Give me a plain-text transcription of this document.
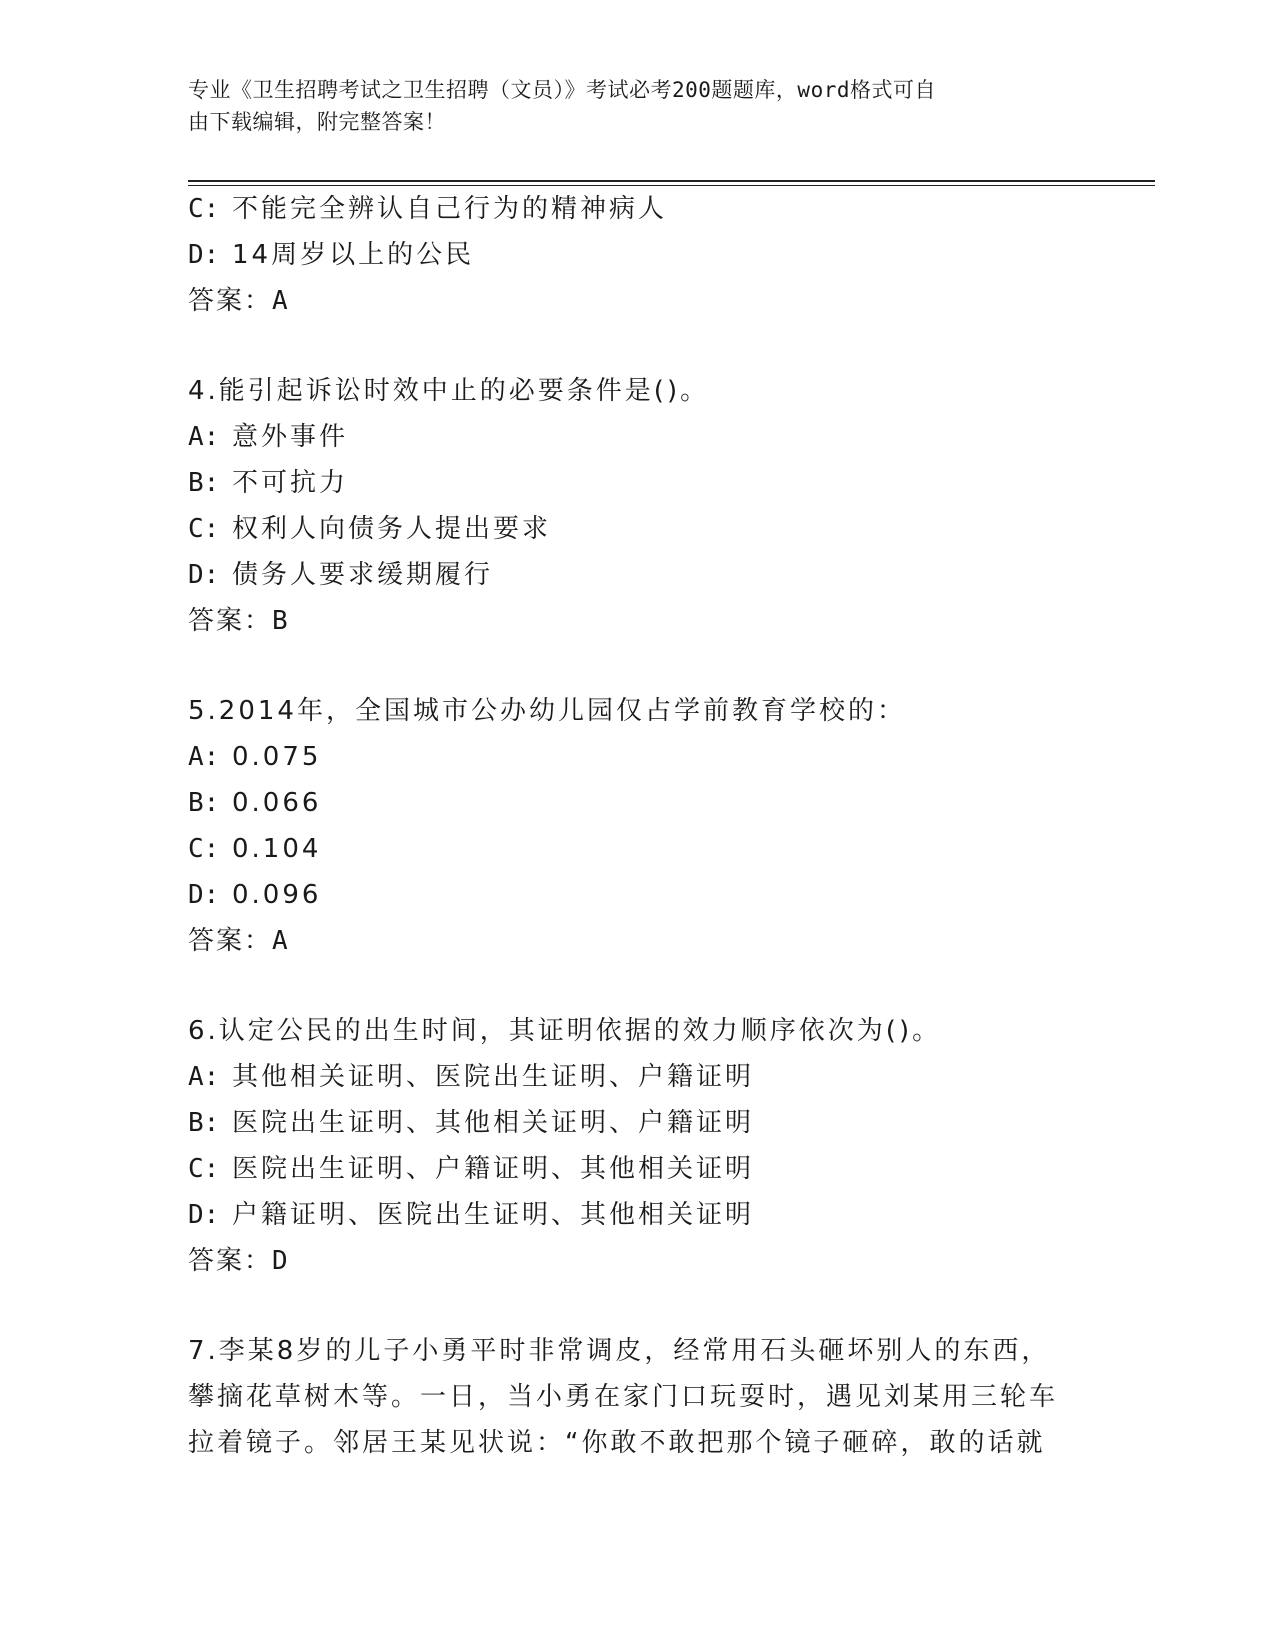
专业《卫生招聘考试之卫生招聘（文员）》考试必考200题题库，word格式可自
由下载编辑，附完整答案！
C: 不能完全辨认自己行为的精神病人
D: 14周岁以上的公民
答案： A
4.能引起诉讼时效中止的必要条件是()。
A: 意外事件
B: 不可抗力
C: 权利人向债务人提出要求
D: 债务人要求缓期履行
答案： B
5.2014年，全国城市公办幼儿园仅占学前教育学校的：
A: 0.075
B: 0.066
C: 0.104
D: 0.096
答案： A
6.认定公民的出生时间，其证明依据的效力顺序依次为()。
A: 其他相关证明、医院出生证明、户籍证明
B: 医院出生证明、其他相关证明、户籍证明
C: 医院出生证明、户籍证明、其他相关证明
D: 户籍证明、医院出生证明、其他相关证明
答案： D
7.李某8岁的儿子小勇平时非常调皮，经常用石头砸坏别人的东西，
攀摘花草树木等。一日，当小勇在家门口玩耍时，遇见刘某用三轮车
拉着镜子。邻居王某见状说：“你敢不敢把那个镜子砸碎，敢的话就
